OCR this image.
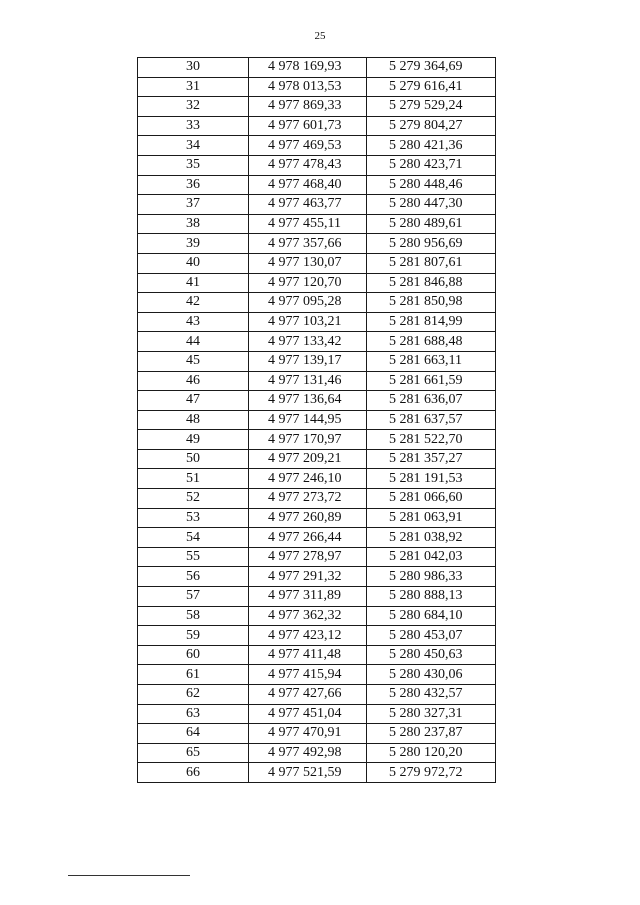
25
30	4 978 169,93	5 279 364,69
31	4 978 013,53	5 279 616,41
32	4 977 869,33	5 279 529,24
33	4 977 601,73	5 279 804,27
34	4 977 469,53	5 280 421,36
35	4 977 478,43	5 280 423,71
36	4 977 468,40	5 280 448,46
37	4 977 463,77	5 280 447,30
38	4 977 455,11	5 280 489,61
39	4 977 357,66	5 280 956,69
40	4 977 130,07	5 281 807,61
41	4 977 120,70	5 281 846,88
42	4 977 095,28	5 281 850,98
43	4 977 103,21	5 281 814,99
44	4 977 133,42	5 281 688,48
45	4 977 139,17	5 281 663,11
46	4 977 131,46	5 281 661,59
47	4 977 136,64	5 281 636,07
48	4 977 144,95	5 281 637,57
49	4 977 170,97	5 281 522,70
50	4 977 209,21	5 281 357,27
51	4 977 246,10	5 281 191,53
52	4 977 273,72	5 281 066,60
53	4 977 260,89	5 281 063,91
54	4 977 266,44	5 281 038,92
55	4 977 278,97	5 281 042,03
56	4 977 291,32	5 280 986,33
57	4 977 311,89	5 280 888,13
58	4 977 362,32	5 280 684,10
59	4 977 423,12	5 280 453,07
60	4 977 411,48	5 280 450,63
61	4 977 415,94	5 280 430,06
62	4 977 427,66	5 280 432,57
63	4 977 451,04	5 280 327,31
64	4 977 470,91	5 280 237,87
65	4 977 492,98	5 280 120,20
66	4 977 521,59	5 279 972,72
